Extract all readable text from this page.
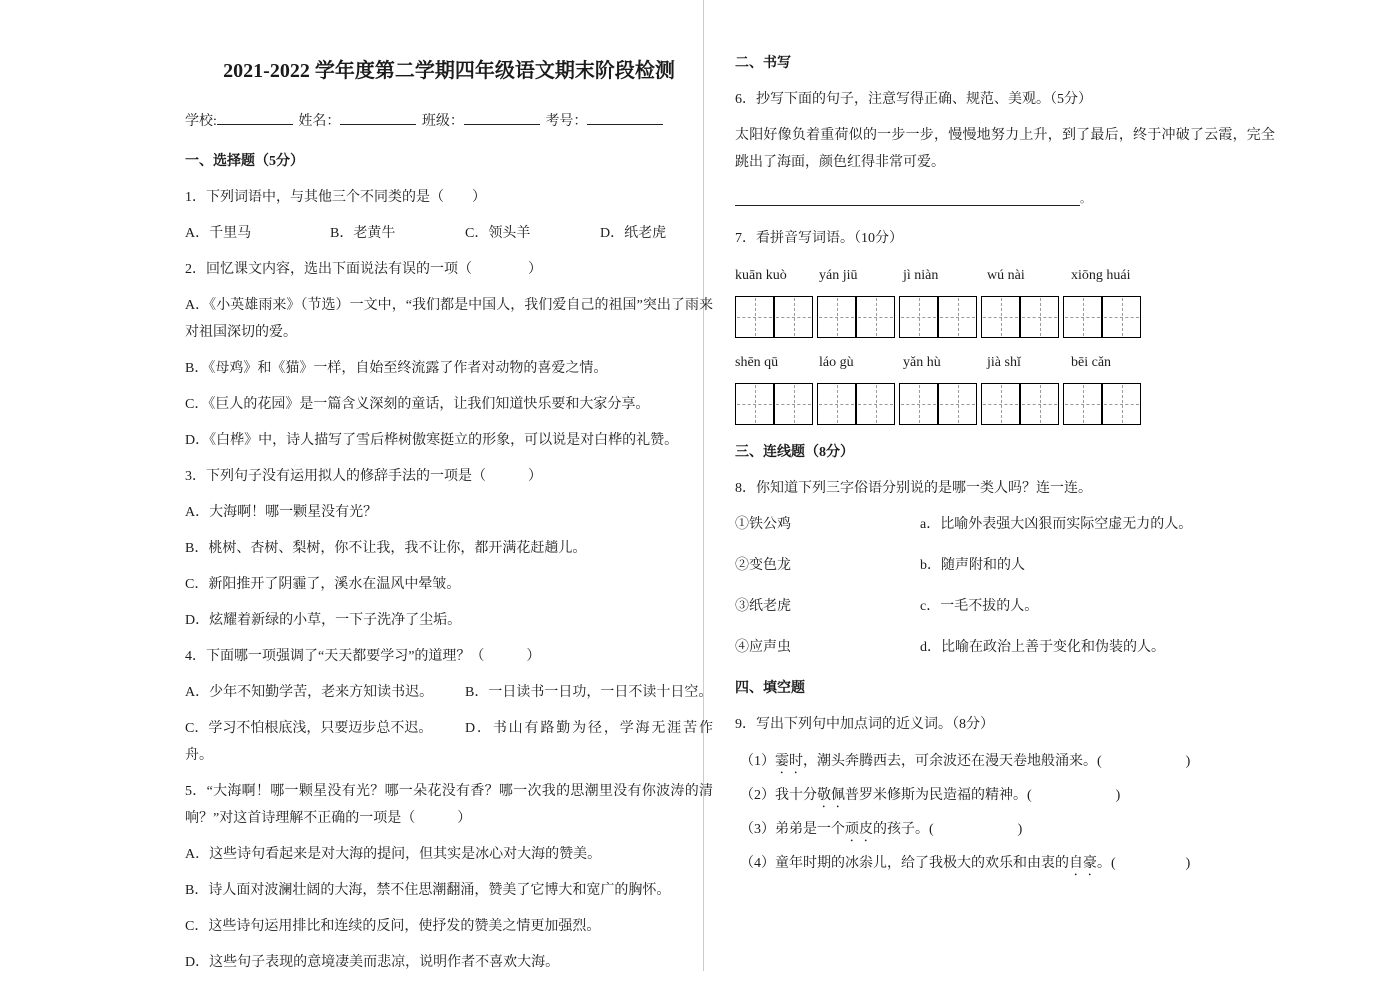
2021-2022 学年度第二学期四年级语文期末阶段检测

学校:	姓名：	班级：	考号：

一、选择题（5分）

1．下列词语中，与其他三个不同类的是（　　）

A．千里马	B．老黄牛	C．领头羊	D．纸老虎

2．回忆课文内容，选出下面说法有误的一项（　　　　）

A．《小英雄雨来》（节选）一文中，“我们都是中国人，我们爱自己的祖国”突出了雨来对祖国深切的爱。

B．《母鸡》和《猫》一样，自始至终流露了作者对动物的喜爱之情。

C．《巨人的花园》是一篇含义深刻的童话，让我们知道快乐要和大家分享。

D．《白桦》中，诗人描写了雪后桦树傲寒挺立的形象，可以说是对白桦的礼赞。

3．下列句子没有运用拟人的修辞手法的一项是（　　　）

A．大海啊！哪一颗星没有光？

B．桃树、杏树、梨树，你不让我，我不让你，都开满花赶趟儿。

C．新阳推开了阴霾了，溪水在温风中晕皱。

D．炫耀着新绿的小草，一下子洗净了尘垢。

4．下面哪一项强调了“天天都要学习”的道理？（　　　）

A．少年不知勤学苦，老来方知读书迟。 B．一日读书一日功，一日不读十日空。

C．学习不怕根底浅，只要迈步总不迟。 D．书山有路勤为径，学海无涯苦作舟。

5．“大海啊！哪一颗星没有光？哪一朵花没有香？哪一次我的思潮里没有你波涛的清响？”对这首诗理解不正确的一项是（　　　）

A．这些诗句看起来是对大海的提问，但其实是冰心对大海的赞美。

B．诗人面对波澜壮阔的大海，禁不住思潮翻涌，赞美了它博大和宽广的胸怀。

C．这些诗句运用排比和连续的反问，使抒发的赞美之情更加强烈。

D．这些句子表现的意境凄美而悲凉，说明作者不喜欢大海。

二、书写

6．抄写下面的句子，注意写得正确、规范、美观。（5分）

太阳好像负着重荷似的一步一步，慢慢地努力上升，到了最后，终于冲破了云霞，完全跳出了海面，颜色红得非常可爱。

。

7．看拼音写词语。（10分）

kuān kuò	yán jiū	jì niàn	wú nài	xiōng huái
shēn qū	láo gù	yǎn hù	jià shǐ	bēi cǎn

三、连线题（8分）

8．你知道下列三字俗语分别说的是哪一类人吗？连一连。

①铁公鸡	a．比喻外表强大凶狠而实际空虚无力的人。
②变色龙	b．随声附和的人
③纸老虎	c．一毛不拔的人。
④应声虫	d．比喻在政治上善于变化和伪装的人。

四、填空题

9．写出下列句中加点词的近义词。（8分）

（1）霎时，潮头奔腾西去，可余波还在漫天卷地般涌来。(　　　　　　)

（2）我十分敬佩普罗米修斯为民造福的精神。(　　　　　　)

（3）弟弟是一个顽皮的孩子。(　　　　　　)

（4）童年时期的冰尜儿，给了我极大的欢乐和由衷的自豪。(　　　　　)
